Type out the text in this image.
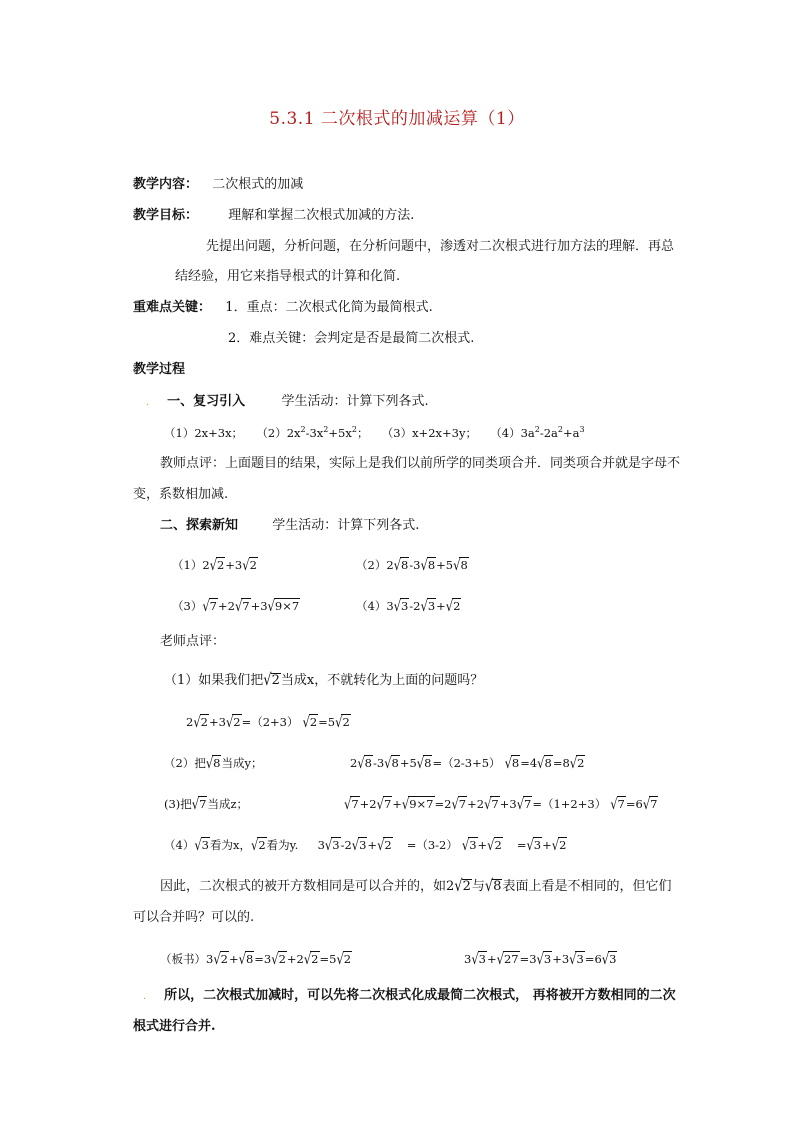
5.3.1 二次根式的加减运算（1）
教学内容： 二次根式的加减
教学目标： 理解和掌握二次根式加减的方法.
先提出问题，分析问题，在分析问题中，渗透对二次根式进行加方法的理解．再总
结经验，用它来指导根式的计算和化简.
重难点关键： 1．重点：二次根式化简为最简根式.
2．难点关键：会判定是否是最简二次根式.
教学过程
. 一、复习引入	学生活动：计算下列各式.
（1）2x+3x； $(2)2x^2-3x^2+5x^2$； （3）x+2x+3y； $(4)3a^2-2a^2+a^3$
教师点评：上面题目的结果，实际上是我们以前所学的同类项合并．同类项合并就是字母不
变，系数相加减.
二、探索新知	学生活动：计算下列各式.
（1）2√2+3√2	（2）2√8-3√8+5√8
（3）√7+2√7+3√9×7	（4）3√3-2√3+√2
老师点评：
（1）如果我们把√2当成x，不就转化为上面的问题吗？
2√2+3√2=（2+3） √2=5√2
（2）把√8当成y；	2√8-3√8+5√8=（2-3+5） √8=4√8=8√2
(3)把√7当成z；	√7+2√7+√9×7=2√7+2√7+3√7=（1+2+3） √7=6√7
（4）√3看为x，√2看为y. 3√3-2√3+√2 =（3-2） √3+√2 =√3+√2
因此，二次根式的被开方数相同是可以合并的，如2√2与√8表面上看是不相同的，但它们
可以合并吗？可以的.
（板书）3√2+√8=3√2+2√2=5√2	3√3+√27=3√3+3√3=6√3
. 所以，二次根式加减时，可以先将二次根式化成最简二次根式， 再将被开方数相同的二次
根式进行合并.
